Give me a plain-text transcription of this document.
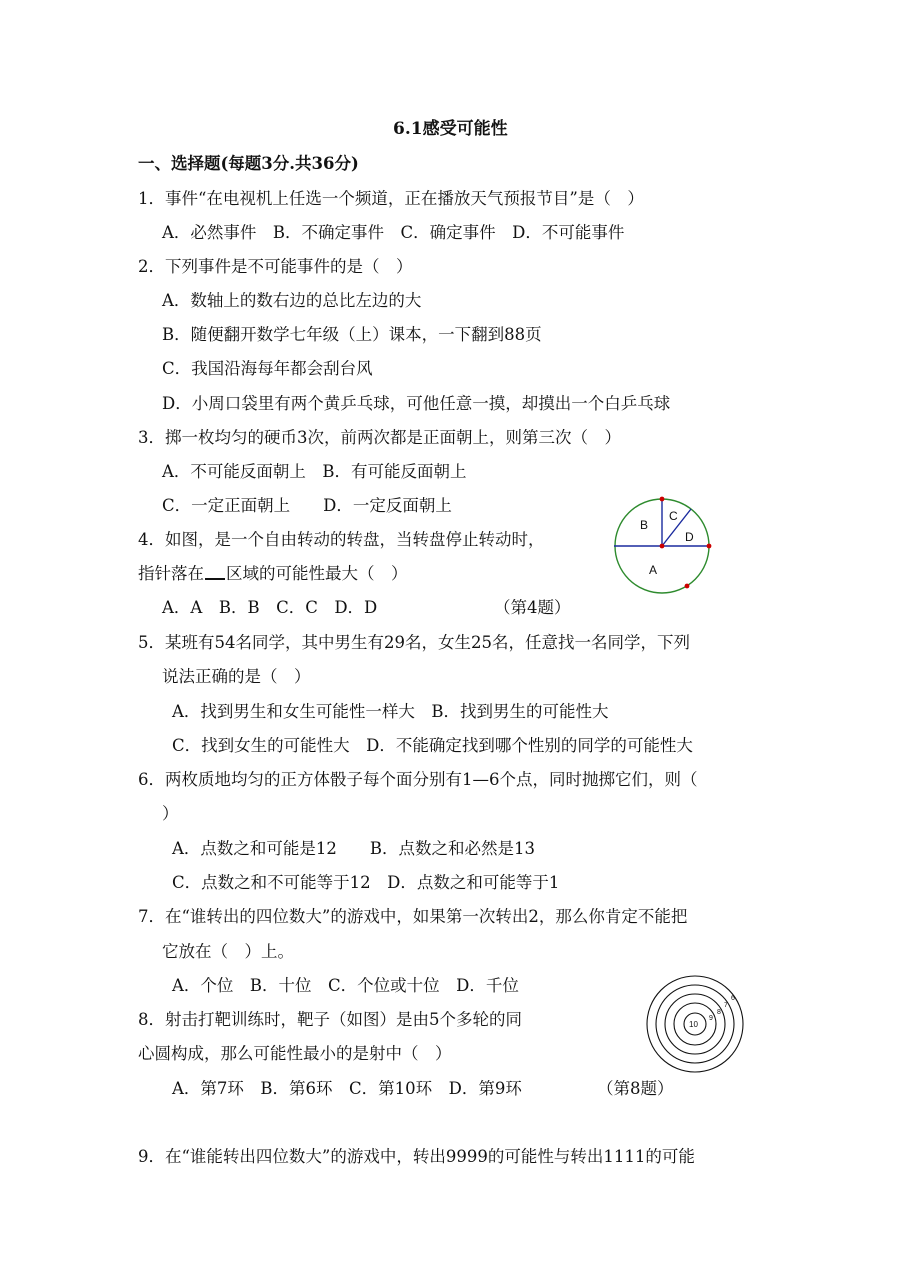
6.1感受可能性
一、选择题(每题3分.共36分)
1．事件“在电视机上任选一个频道，正在播放天气预报节目”是（　）
A．必然事件　B．不确定事件　C．确定事件　D．不可能事件
2．下列事件是不可能事件的是（　）
A．数轴上的数右边的总比左边的大
B．随便翻开数学七年级（上）课本，一下翻到88页
C．我国沿海每年都会刮台风
D．小周口袋里有两个黄乒乓球，可他任意一摸，却摸出一个白乒乓球
3．掷一枚均匀的硬币3次，前两次都是正面朝上，则第三次（　）
A．不可能反面朝上　B．有可能反面朝上
C．一定正面朝上　　D．一定反面朝上
4．如图，是一个自由转动的转盘，当转盘停止转动时，
指针落在 区域的可能性最大（　）
A．A　B．B　C．C　D．D	（第4题）
B
C
D
A
5．某班有54名同学，其中男生有29名，女生25名，任意找一名同学，下列
说法正确的是（　）
A．找到男生和女生可能性一样大　B．找到男生的可能性大
C．找到女生的可能性大　D．不能确定找到哪个性别的同学的可能性大
6．两枚质地均匀的正方体骰子每个面分别有1—6个点，同时抛掷它们，则（
）
A．点数之和可能是12　　B．点数之和必然是13
C．点数之和不可能等于12　D．点数之和可能等于1
7．在“谁转出的四位数大”的游戏中，如果第一次转出2，那么你肯定不能把
它放在（　）上。
A．个位　B．十位　C．个位或十位　D．千位
8．射击打靶训练时，靶子（如图）是由5个多轮的同
心圆构成，那么可能性最小的是射中（　）
A．第7环　B．第6环　C．第10环　D．第9环	（第8题）
10
9
8
7
6
9．在“谁能转出四位数大”的游戏中，转出9999的可能性与转出1111的可能
